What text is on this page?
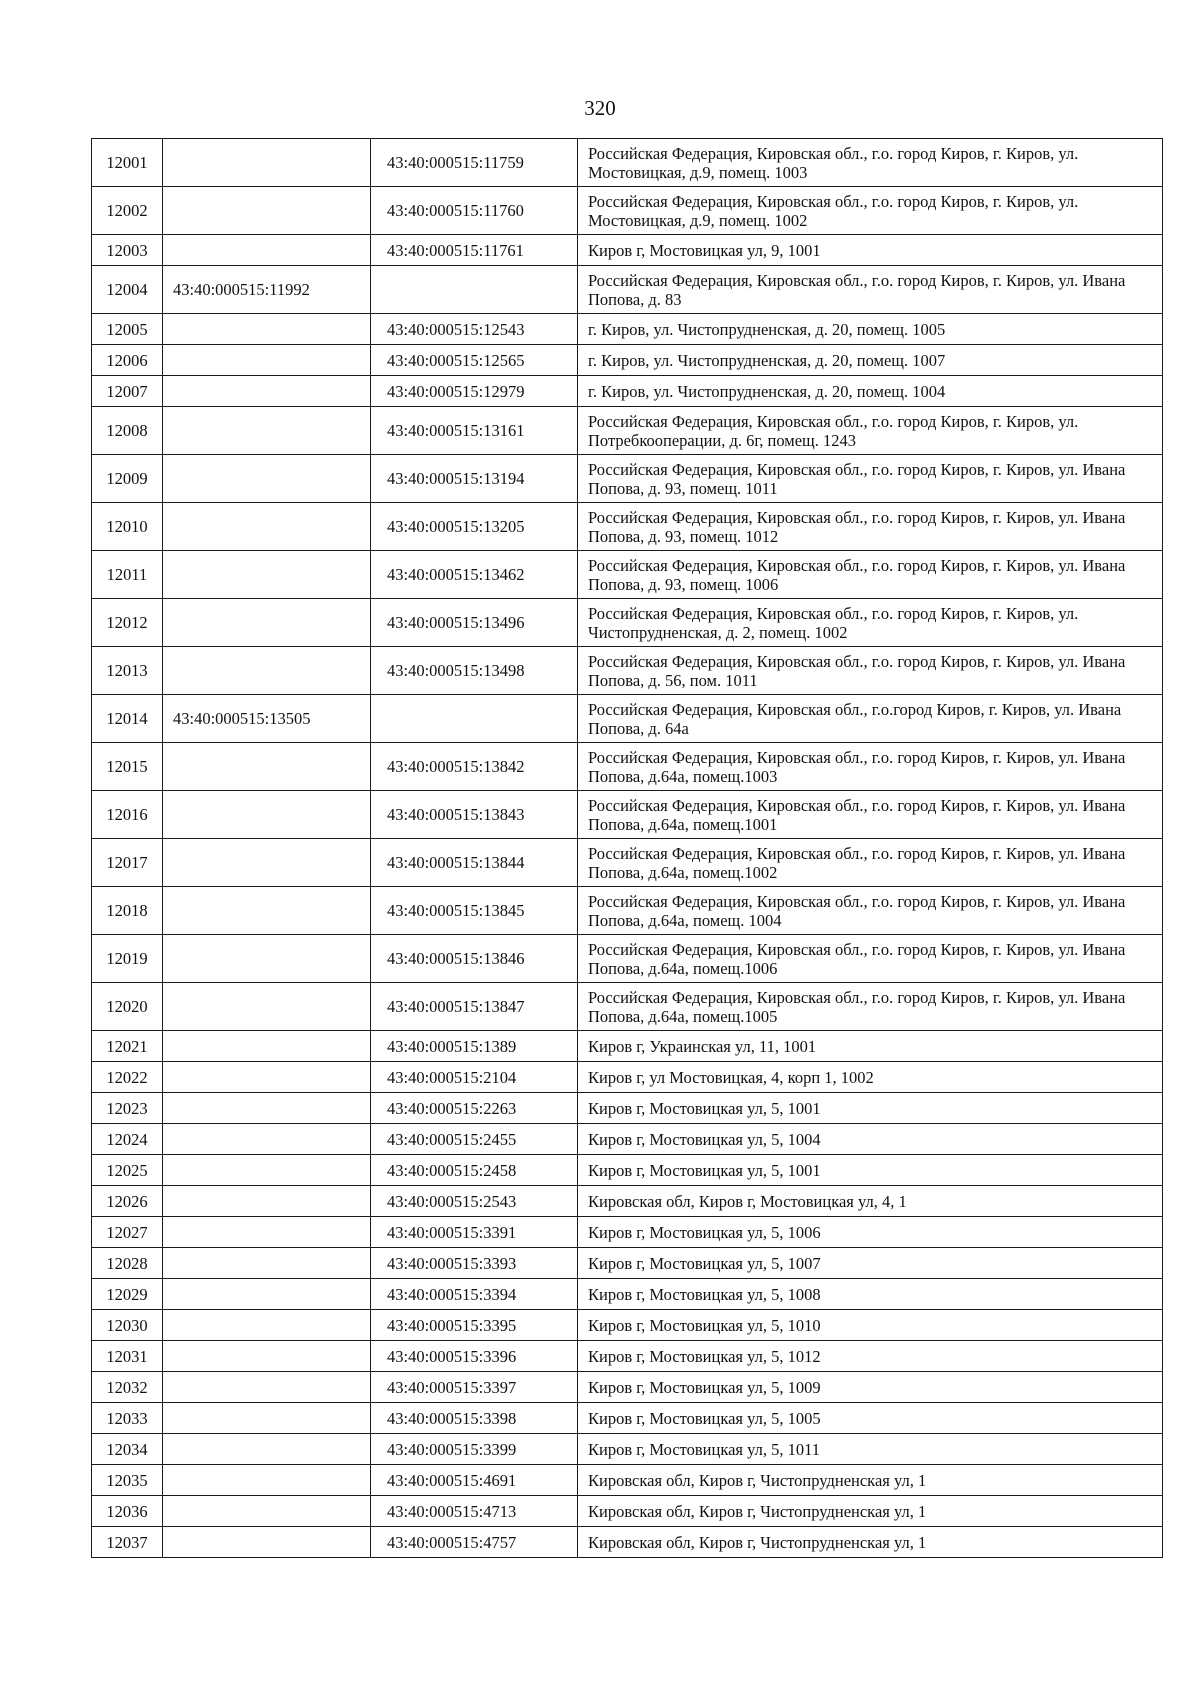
320
12001		43:40:000515:11759	Российская Федерация, Кировская обл., г.о. город Киров, г. Киров, ул. Мостовицкая, д.9, помещ. 1003
12002		43:40:000515:11760	Российская Федерация, Кировская обл., г.о. город Киров, г. Киров, ул. Мостовицкая, д.9, помещ. 1002
12003		43:40:000515:11761	Киров г, Мостовицкая ул, 9, 1001
12004	43:40:000515:11992		Российская Федерация, Кировская обл., г.о. город Киров, г. Киров, ул. Ивана Попова, д. 83
12005		43:40:000515:12543	г. Киров, ул. Чистопрудненская, д. 20, помещ. 1005
12006		43:40:000515:12565	г. Киров, ул. Чистопрудненская, д. 20, помещ. 1007
12007		43:40:000515:12979	г. Киров, ул. Чистопрудненская, д. 20, помещ. 1004
12008		43:40:000515:13161	Российская Федерация, Кировская обл., г.о. город Киров, г. Киров, ул. Потребкооперации, д. 6г, помещ. 1243
12009		43:40:000515:13194	Российская Федерация, Кировская обл., г.о. город Киров, г. Киров, ул. Ивана Попова, д. 93, помещ. 1011
12010		43:40:000515:13205	Российская Федерация, Кировская обл., г.о. город Киров, г. Киров, ул. Ивана Попова, д. 93, помещ. 1012
12011		43:40:000515:13462	Российская Федерация, Кировская обл., г.о. город Киров, г. Киров, ул. Ивана Попова, д. 93, помещ. 1006
12012		43:40:000515:13496	Российская Федерация, Кировская обл., г.о. город Киров, г. Киров, ул. Чистопрудненская, д. 2, помещ. 1002
12013		43:40:000515:13498	Российская Федерация, Кировская обл., г.о. город Киров, г. Киров, ул. Ивана Попова, д. 56, пом. 1011
12014	43:40:000515:13505		Российская Федерация, Кировская обл., г.о.город Киров, г. Киров, ул. Ивана Попова, д. 64а
12015		43:40:000515:13842	Российская Федерация, Кировская обл., г.о. город Киров, г. Киров, ул. Ивана Попова, д.64а, помещ.1003
12016		43:40:000515:13843	Российская Федерация, Кировская обл., г.о. город Киров, г. Киров, ул. Ивана Попова, д.64а, помещ.1001
12017		43:40:000515:13844	Российская Федерация, Кировская обл., г.о. город Киров, г. Киров, ул. Ивана Попова, д.64а, помещ.1002
12018		43:40:000515:13845	Российская Федерация, Кировская обл., г.о. город Киров, г. Киров, ул. Ивана Попова, д.64а, помещ. 1004
12019		43:40:000515:13846	Российская Федерация, Кировская обл., г.о. город Киров, г. Киров, ул. Ивана Попова, д.64а, помещ.1006
12020		43:40:000515:13847	Российская Федерация, Кировская обл., г.о. город Киров, г. Киров, ул. Ивана Попова, д.64а, помещ.1005
12021		43:40:000515:1389	Киров г, Украинская ул, 11, 1001
12022		43:40:000515:2104	Киров г, ул Мостовицкая, 4, корп 1, 1002
12023		43:40:000515:2263	Киров г, Мостовицкая ул, 5, 1001
12024		43:40:000515:2455	Киров г, Мостовицкая ул, 5, 1004
12025		43:40:000515:2458	Киров г, Мостовицкая ул, 5, 1001
12026		43:40:000515:2543	Кировская обл, Киров г, Мостовицкая ул, 4, 1
12027		43:40:000515:3391	Киров г, Мостовицкая ул, 5, 1006
12028		43:40:000515:3393	Киров г, Мостовицкая ул, 5, 1007
12029		43:40:000515:3394	Киров г, Мостовицкая ул, 5, 1008
12030		43:40:000515:3395	Киров г, Мостовицкая ул, 5, 1010
12031		43:40:000515:3396	Киров г, Мостовицкая ул, 5, 1012
12032		43:40:000515:3397	Киров г, Мостовицкая ул, 5, 1009
12033		43:40:000515:3398	Киров г, Мостовицкая ул, 5, 1005
12034		43:40:000515:3399	Киров г, Мостовицкая ул, 5, 1011
12035		43:40:000515:4691	Кировская обл, Киров г, Чистопрудненская ул, 1
12036		43:40:000515:4713	Кировская обл, Киров г, Чистопрудненская ул, 1
12037		43:40:000515:4757	Кировская обл, Киров г, Чистопрудненская ул, 1
